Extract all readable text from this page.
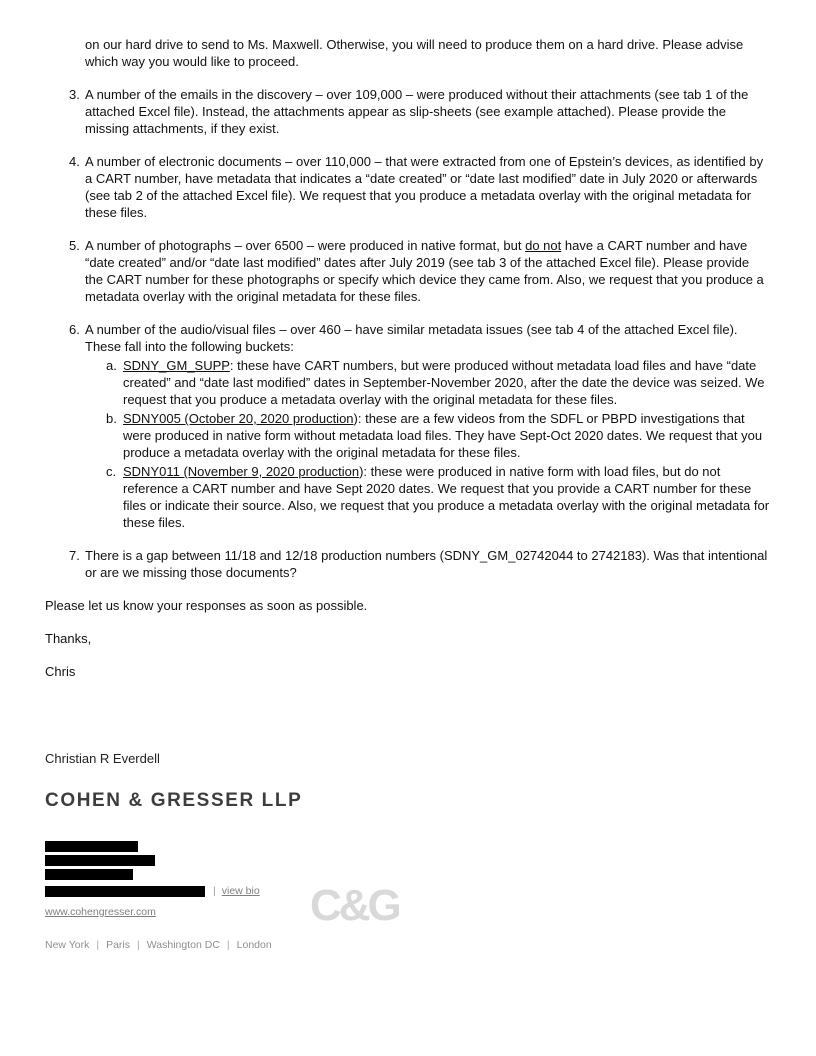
on our hard drive to send to Ms. Maxwell. Otherwise, you will need to produce them on a hard drive. Please advise which way you would like to proceed.

3. A number of the emails in the discovery – over 109,000 – were produced without their attachments (see tab 1 of the attached Excel file). Instead, the attachments appear as slip-sheets (see example attached). Please provide the missing attachments, if they exist.
4. A number of electronic documents – over 110,000 – that were extracted from one of Epstein’s devices, as identified by a CART number, have metadata that indicates a “date created” or “date last modified” date in July 2020 or afterwards (see tab 2 of the attached Excel file). We request that you produce a metadata overlay with the original metadata for these files.
5. A number of photographs – over 6500 – were produced in native format, but do not have a CART number and have “date created” and/or “date last modified” dates after July 2019 (see tab 3 of the attached Excel file). Please provide the CART number for these photographs or specify which device they came from. Also, we request that you produce a metadata overlay with the original metadata for these files.
6. A number of the audio/visual files – over 460 – have similar metadata issues (see tab 4 of the attached Excel file). These fall into the following buckets:
a. SDNY_GM_SUPP: these have CART numbers, but were produced without metadata load files and have “date created” and “date last modified” dates in September-November 2020, after the date the device was seized. We request that you produce a metadata overlay with the original metadata for these files.
b. SDNY005 (October 20, 2020 production): these are a few videos from the SDFL or PBPD investigations that were produced in native form without metadata load files. They have Sept-Oct 2020 dates. We request that you produce a metadata overlay with the original metadata for these files.
c. SDNY011 (November 9, 2020 production): these were produced in native form with load files, but do not reference a CART number and have Sept 2020 dates. We request that you provide a CART number for these files or indicate their source. Also, we request that you produce a metadata overlay with the original metadata for these files.
7. There is a gap between 11/18 and 12/18 production numbers (SDNY_GM_02742044 to 2742183). Was that intentional or are we missing those documents?

Please let us know your responses as soon as possible.

Thanks,

Chris

Christian R Everdell

COHEN & GRESSER LLP
| view bio
www.cohengresser.com
New York | Paris | Washington DC | London
C&G
